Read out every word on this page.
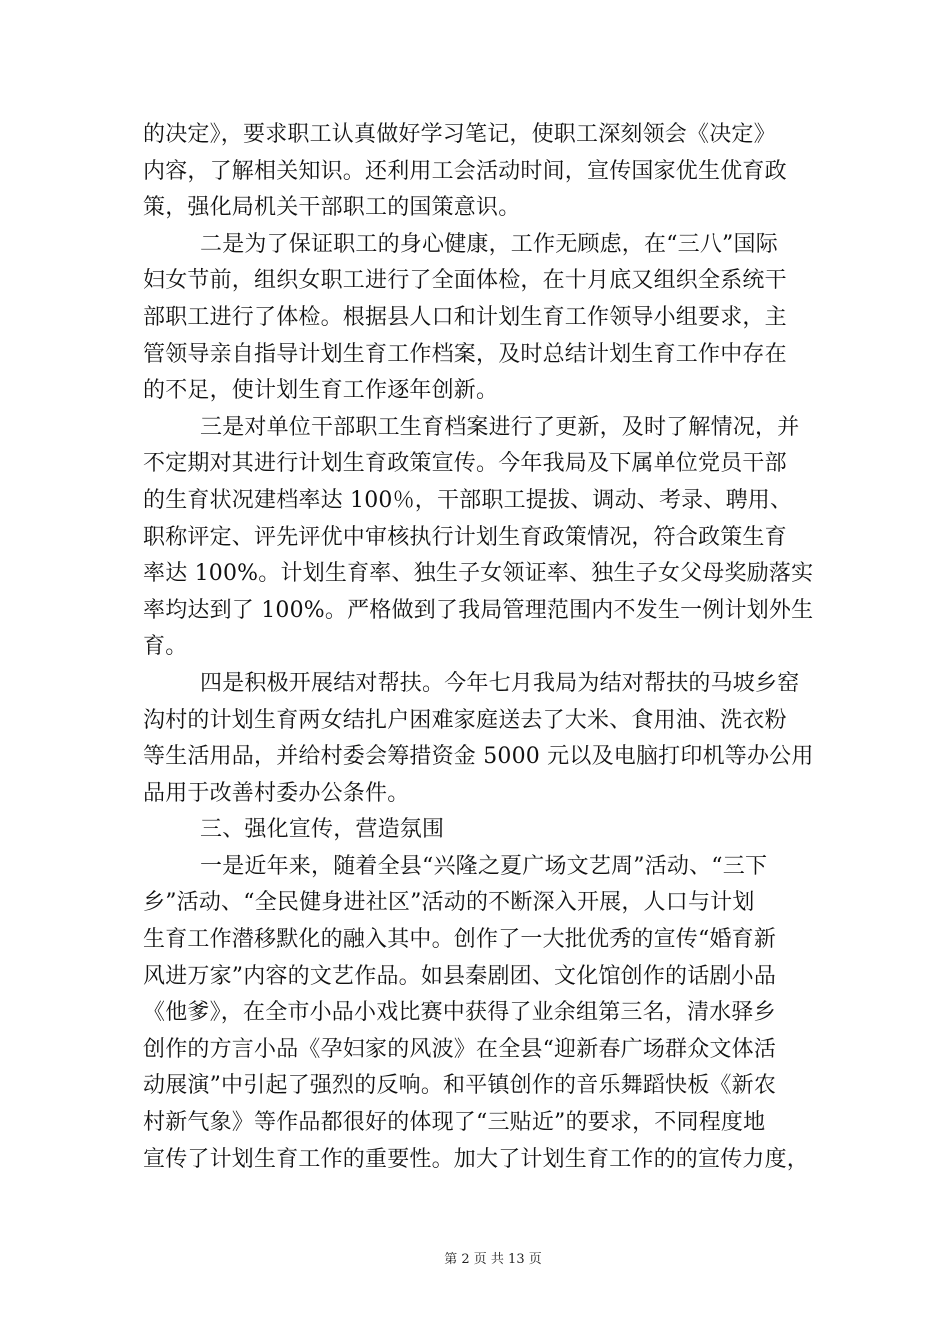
的决定》，要求职工认真做好学习笔记，使职工深刻领会《决定》
内容，了解相关知识。还利用工会活动时间，宣传国家优生优育政
策，强化局机关干部职工的国策意识。
二是为了保证职工的身心健康，工作无顾虑，在“三八”国际
妇女节前，组织女职工进行了全面体检，在十月底又组织全系统干
部职工进行了体检。根据县人口和计划生育工作领导小组要求，主
管领导亲自指导计划生育工作档案，及时总结计划生育工作中存在
的不足，使计划生育工作逐年创新。
三是对单位干部职工生育档案进行了更新，及时了解情况，并
不定期对其进行计划生育政策宣传。今年我局及下属单位党员干部
的生育状况建档率达 100％，干部职工提拔、调动、考录、聘用、
职称评定、评先评优中审核执行计划生育政策情况，符合政策生育
率达 100%。计划生育率、独生子女领证率、独生子女父母奖励落实
率均达到了 100%。严格做到了我局管理范围内不发生一例计划外生
育。
四是积极开展结对帮扶。今年七月我局为结对帮扶的马坡乡窑
沟村的计划生育两女结扎户困难家庭送去了大米、食用油、洗衣粉
等生活用品，并给村委会筹措资金 5000 元以及电脑打印机等办公用
品用于改善村委办公条件。
三、强化宣传，营造氛围
一是近年来，随着全县“兴隆之夏广场文艺周”活动、“三下
乡”活动、“全民健身进社区”活动的不断深入开展，人口与计划
生育工作潜移默化的融入其中。创作了一大批优秀的宣传“婚育新
风进万家”内容的文艺作品。如县秦剧团、文化馆创作的话剧小品
《他爹》，在全市小品小戏比赛中获得了业余组第三名，清水驿乡
创作的方言小品《孕妇家的风波》在全县“迎新春广场群众文体活
动展演”中引起了强烈的反响。和平镇创作的音乐舞蹈快板《新农
村新气象》等作品都很好的体现了“三贴近”的要求，不同程度地
宣传了计划生育工作的重要性。加大了计划生育工作的的宣传力度，
第 2 页 共 13 页
